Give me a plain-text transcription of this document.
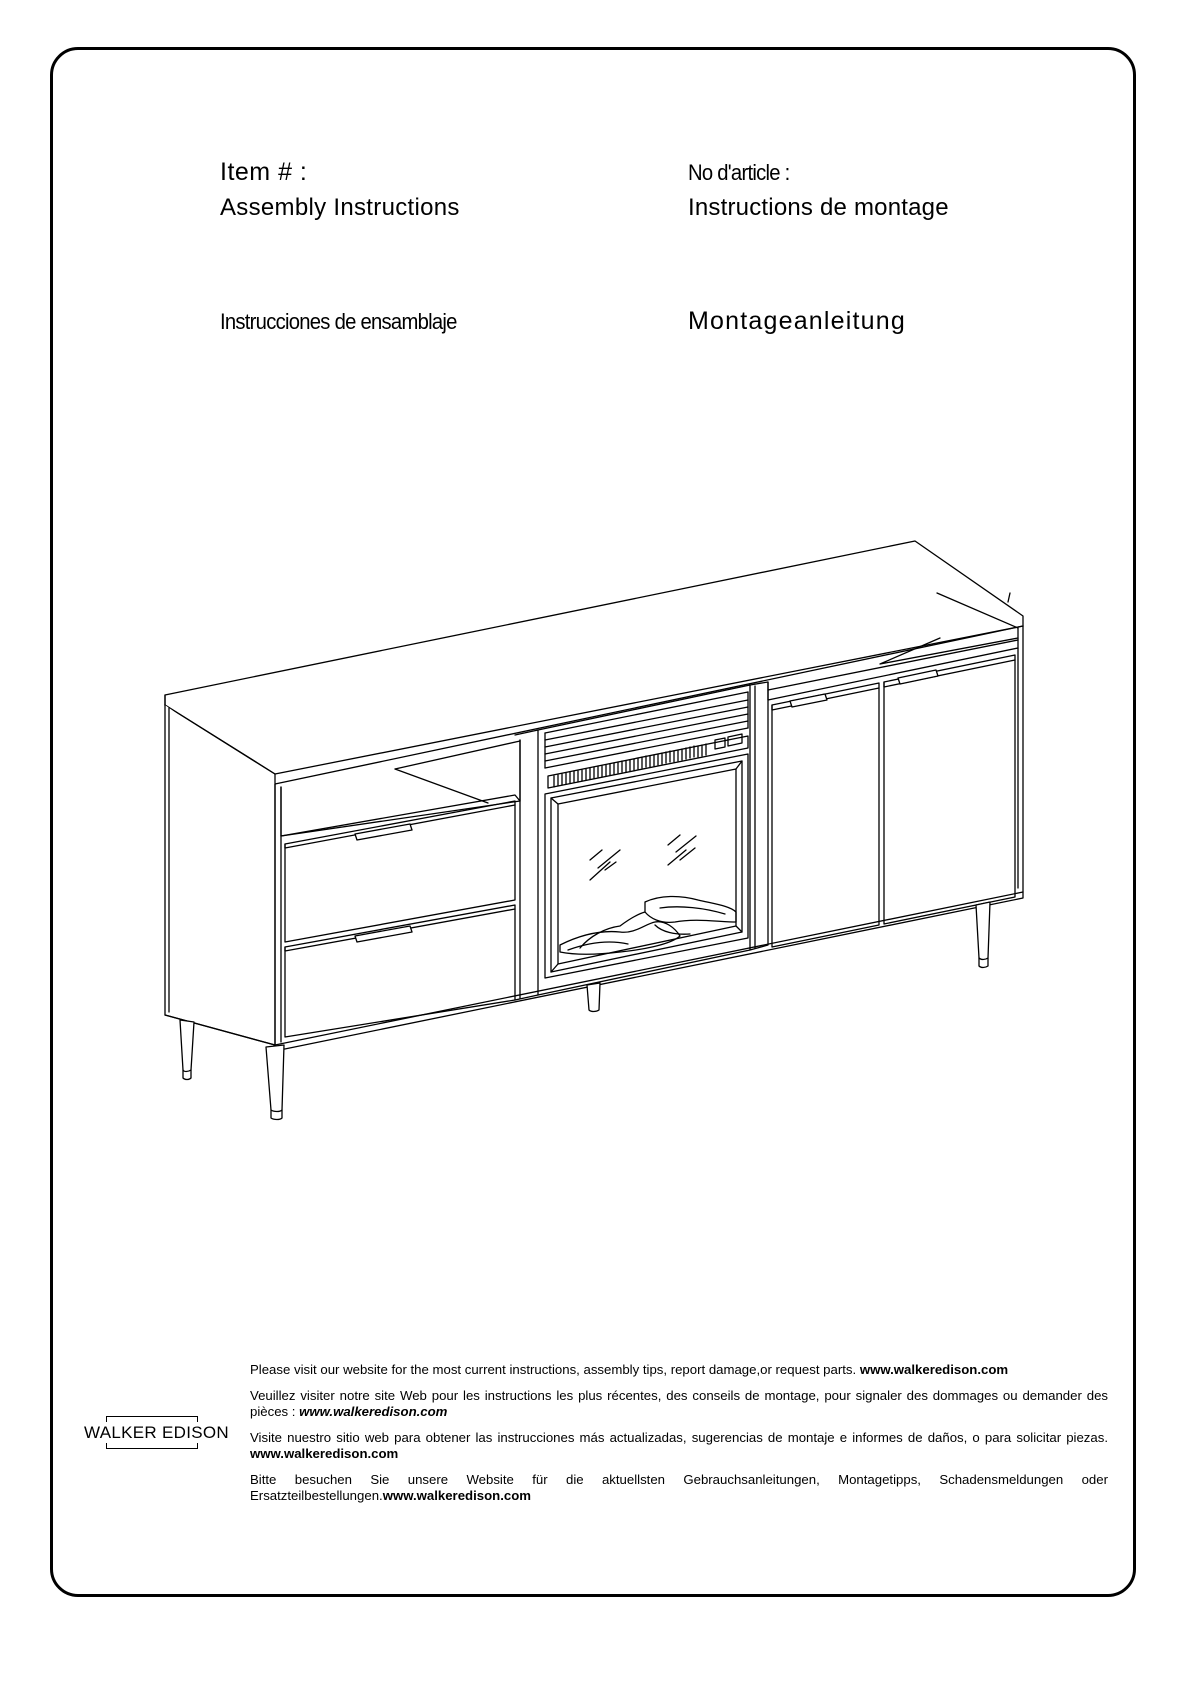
Item # :
Assembly Instructions
No d'article :
Instructions de montage
Instrucciones de ensamblaje	Montageanleitung
WALKER EDISON

Please visit our website for the most current instructions, assembly tips, report damage,or request parts. www.walkeredison.com

Veuillez visiter notre site Web pour les instructions les plus récentes, des conseils de montage, pour signaler des dommages ou demander des pièces : www.walkeredison.com

Visite nuestro sitio web para obtener las instrucciones más actualizadas, sugerencias de montaje e informes de daños, o para solicitar piezas. www.walkeredison.com

Bitte besuchen Sie unsere Website für die aktuellsten Gebrauchsanleitungen, Montagetipps, Schadensmeldungen oder Ersatzteilbestellungen.www.walkeredison.com
